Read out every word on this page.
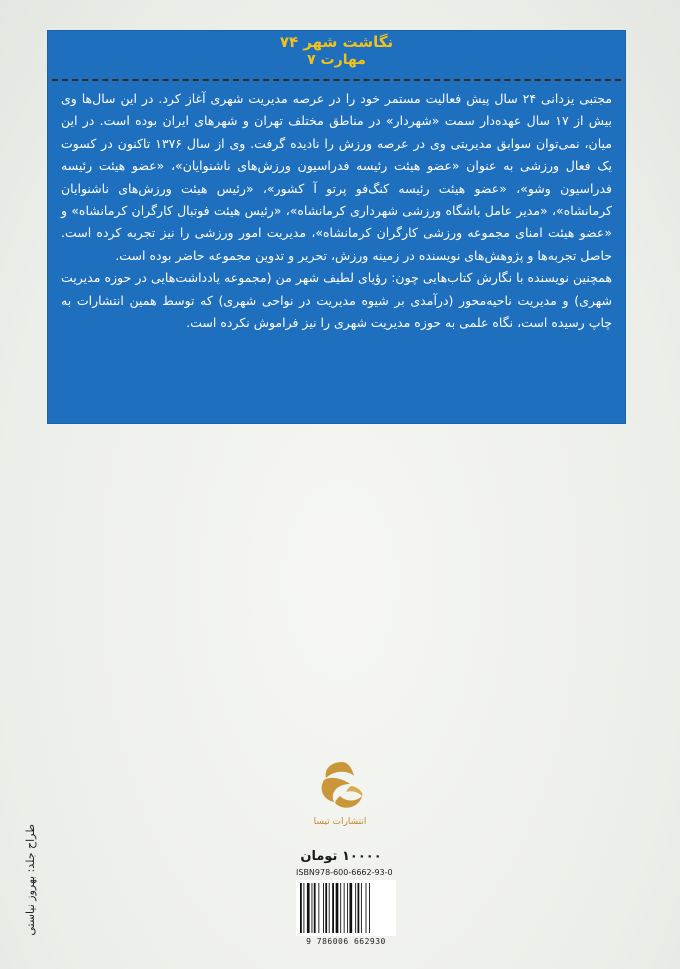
نگاشت شهر ۷۴
مهارت ۷

مجتبی یزدانی ۲۴ سال پیش فعالیت مستمر خود را در عرصه مدیریت شهری آغاز کرد. در این سال‌ها وی بیش از ۱۷ سال عهده‌دار سمت «شهردار» در مناطق مختلف تهران و شهرهای ایران بوده است. در این میان، نمی‌توان سوابق مدیریتی وی در عرصه ورزش را نادیده گرفت. وی از سال ۱۳۷۶ تاکنون در کسوت یک فعال ورزشی به عنوان «عضو هیئت رئیسه فدراسیون ورزش‌های ناشنوایان»، «عضو هیئت رئیسه فدراسیون وشو»، «عضو هیئت رئیسه کنگ‌فو پرتو آ کشور»، «رئیس هیئت ورزش‌های ناشنوایان کرمانشاه»، «مدیر عامل باشگاه ورزشی شهرداری کرمانشاه»، «رئیس هیئت فوتبال کارگران کرمانشاه» و «عضو هیئت امنای مجموعه ورزشی کارگران کرمانشاه»، مدیریت امور ورزشی را نیز تجربه کرده است. حاصل تجربه‌ها و پژوهش‌های نویسنده در زمینه ورزش، تحریر و تدوین مجموعه حاضر بوده است.

همچنین نویسنده با نگارش کتاب‌هایی چون: رؤیای لطیف شهر من (مجموعه یادداشت‌هایی در حوزه مدیریت شهری) و مدیریت ناحیه‌محور (درآمدی بر شیوه مدیریت در نواحی شهری) که توسط همین انتشارات به چاپ رسیده است، نگاه علمی به حوزه مدیریت شهری را نیز فراموش نکرده است.

انتشارات تیسا
۱۰۰۰۰ تومان
ISBN978-600-6662-93-0
9 786006 662930
طراح جلد: بهروز نیاستی
